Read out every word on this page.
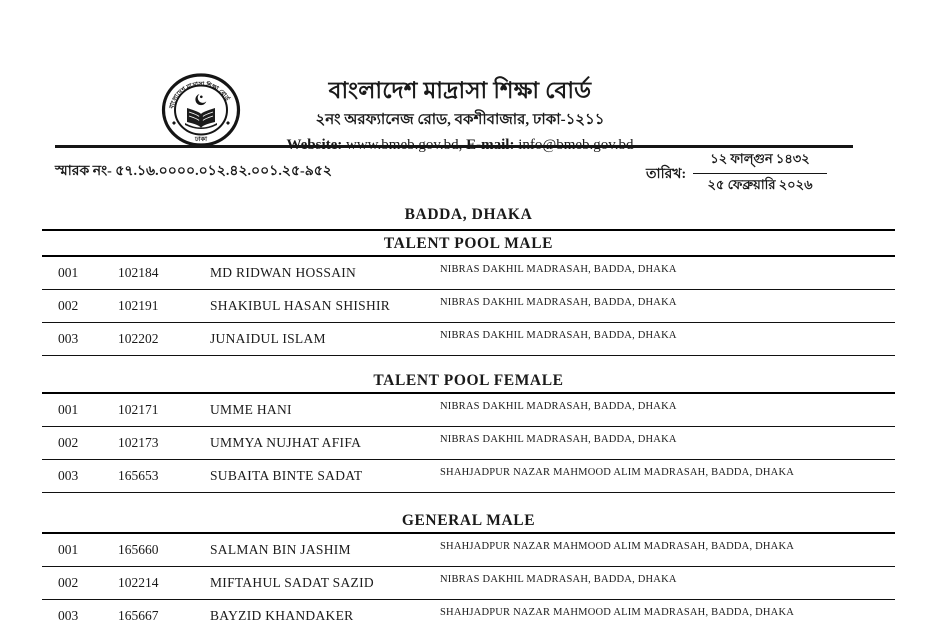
বাংলাদেশ মাদ্রাসা শিক্ষা বোর্ড
ঢাকা
বাংলাদেশ মাদ্রাসা শিক্ষা বোর্ড
২নং অরফ্যানেজ রোড, বকশীবাজার, ঢাকা-১২১১
স্মারক নং- ৫৭.১৬.০০০০.০১২.৪২.০০১.২৫-৯৫২	তারিখ:
১২ ফাল্গুন ১৪৩২
২৫ ফেব্রুয়ারি ২০২৬
BADDA, DHAKA
TALENT POOL MALE
001	102184	MD RIDWAN HOSSAIN	NIBRAS DAKHIL MADRASAH, BADDA, DHAKA
002	102191	SHAKIBUL HASAN SHISHIR	NIBRAS DAKHIL MADRASAH, BADDA, DHAKA
003	102202	JUNAIDUL ISLAM	NIBRAS DAKHIL MADRASAH, BADDA, DHAKA
TALENT POOL FEMALE
001	102171	UMME HANI	NIBRAS DAKHIL MADRASAH, BADDA, DHAKA
002	102173	UMMYA NUJHAT AFIFA	NIBRAS DAKHIL MADRASAH, BADDA, DHAKA
003	165653	SUBAITA BINTE SADAT	SHAHJADPUR NAZAR MAHMOOD ALIM MADRASAH, BADDA, DHAKA
GENERAL MALE
001	165660	SALMAN BIN JASHIM	SHAHJADPUR NAZAR MAHMOOD ALIM MADRASAH, BADDA, DHAKA
002	102214	MIFTAHUL SADAT SAZID	NIBRAS DAKHIL MADRASAH, BADDA, DHAKA
003	165667	BAYZID KHANDAKER	SHAHJADPUR NAZAR MAHMOOD ALIM MADRASAH, BADDA, DHAKA
